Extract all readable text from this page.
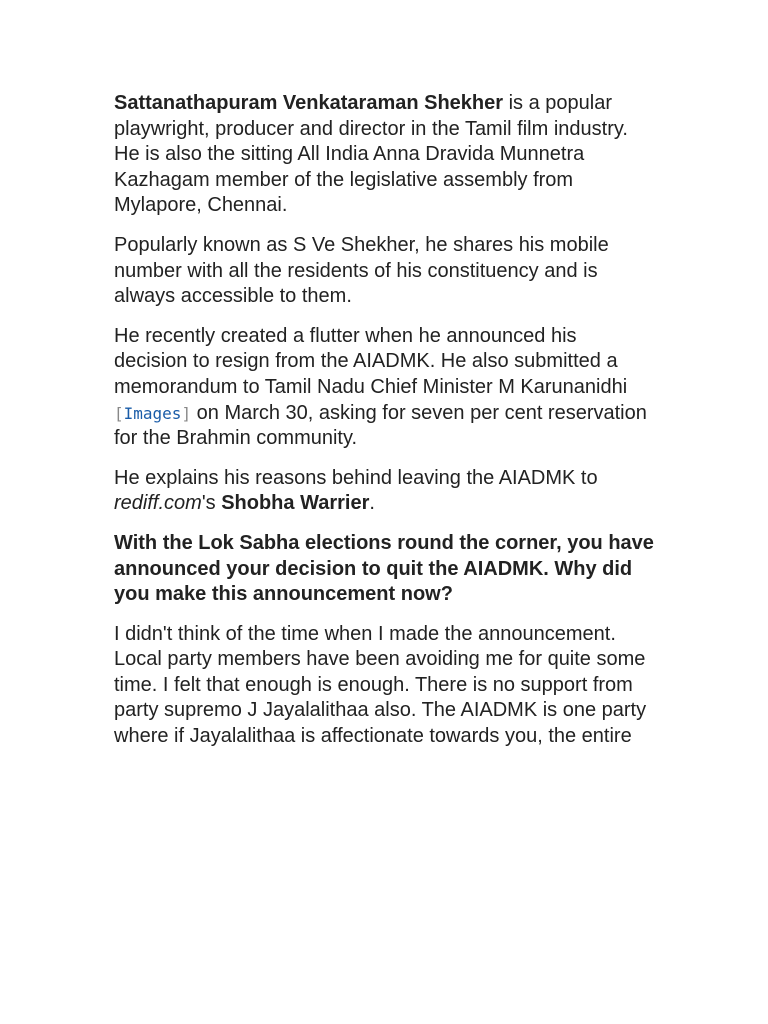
Sattanathapuram Venkataraman Shekher is a popular playwright, producer and director in the Tamil film industry. He is also the sitting All India Anna Dravida Munnetra Kazhagam member of the legislative assembly from Mylapore, Chennai.

Popularly known as S Ve Shekher, he shares his mobile number with all the residents of his constituency and is always accessible to them.

He recently created a flutter when he announced his decision to resign from the AIADMK. He also submitted a memorandum to Tamil Nadu Chief Minister M Karunanidhi [Images] on March 30, asking for seven per cent reservation for the Brahmin community.

He explains his reasons behind leaving the AIADMK to rediff.com's Shobha Warrier.

With the Lok Sabha elections round the corner, you have announced your decision to quit the AIADMK. Why did you make this announcement now?

I didn't think of the time when I made the announcement. Local party members have been avoiding me for quite some time. I felt that enough is enough. There is no support from party supremo J Jayalalithaa also. The AIADMK is one party where if Jayalalithaa is affectionate towards you, the entire
